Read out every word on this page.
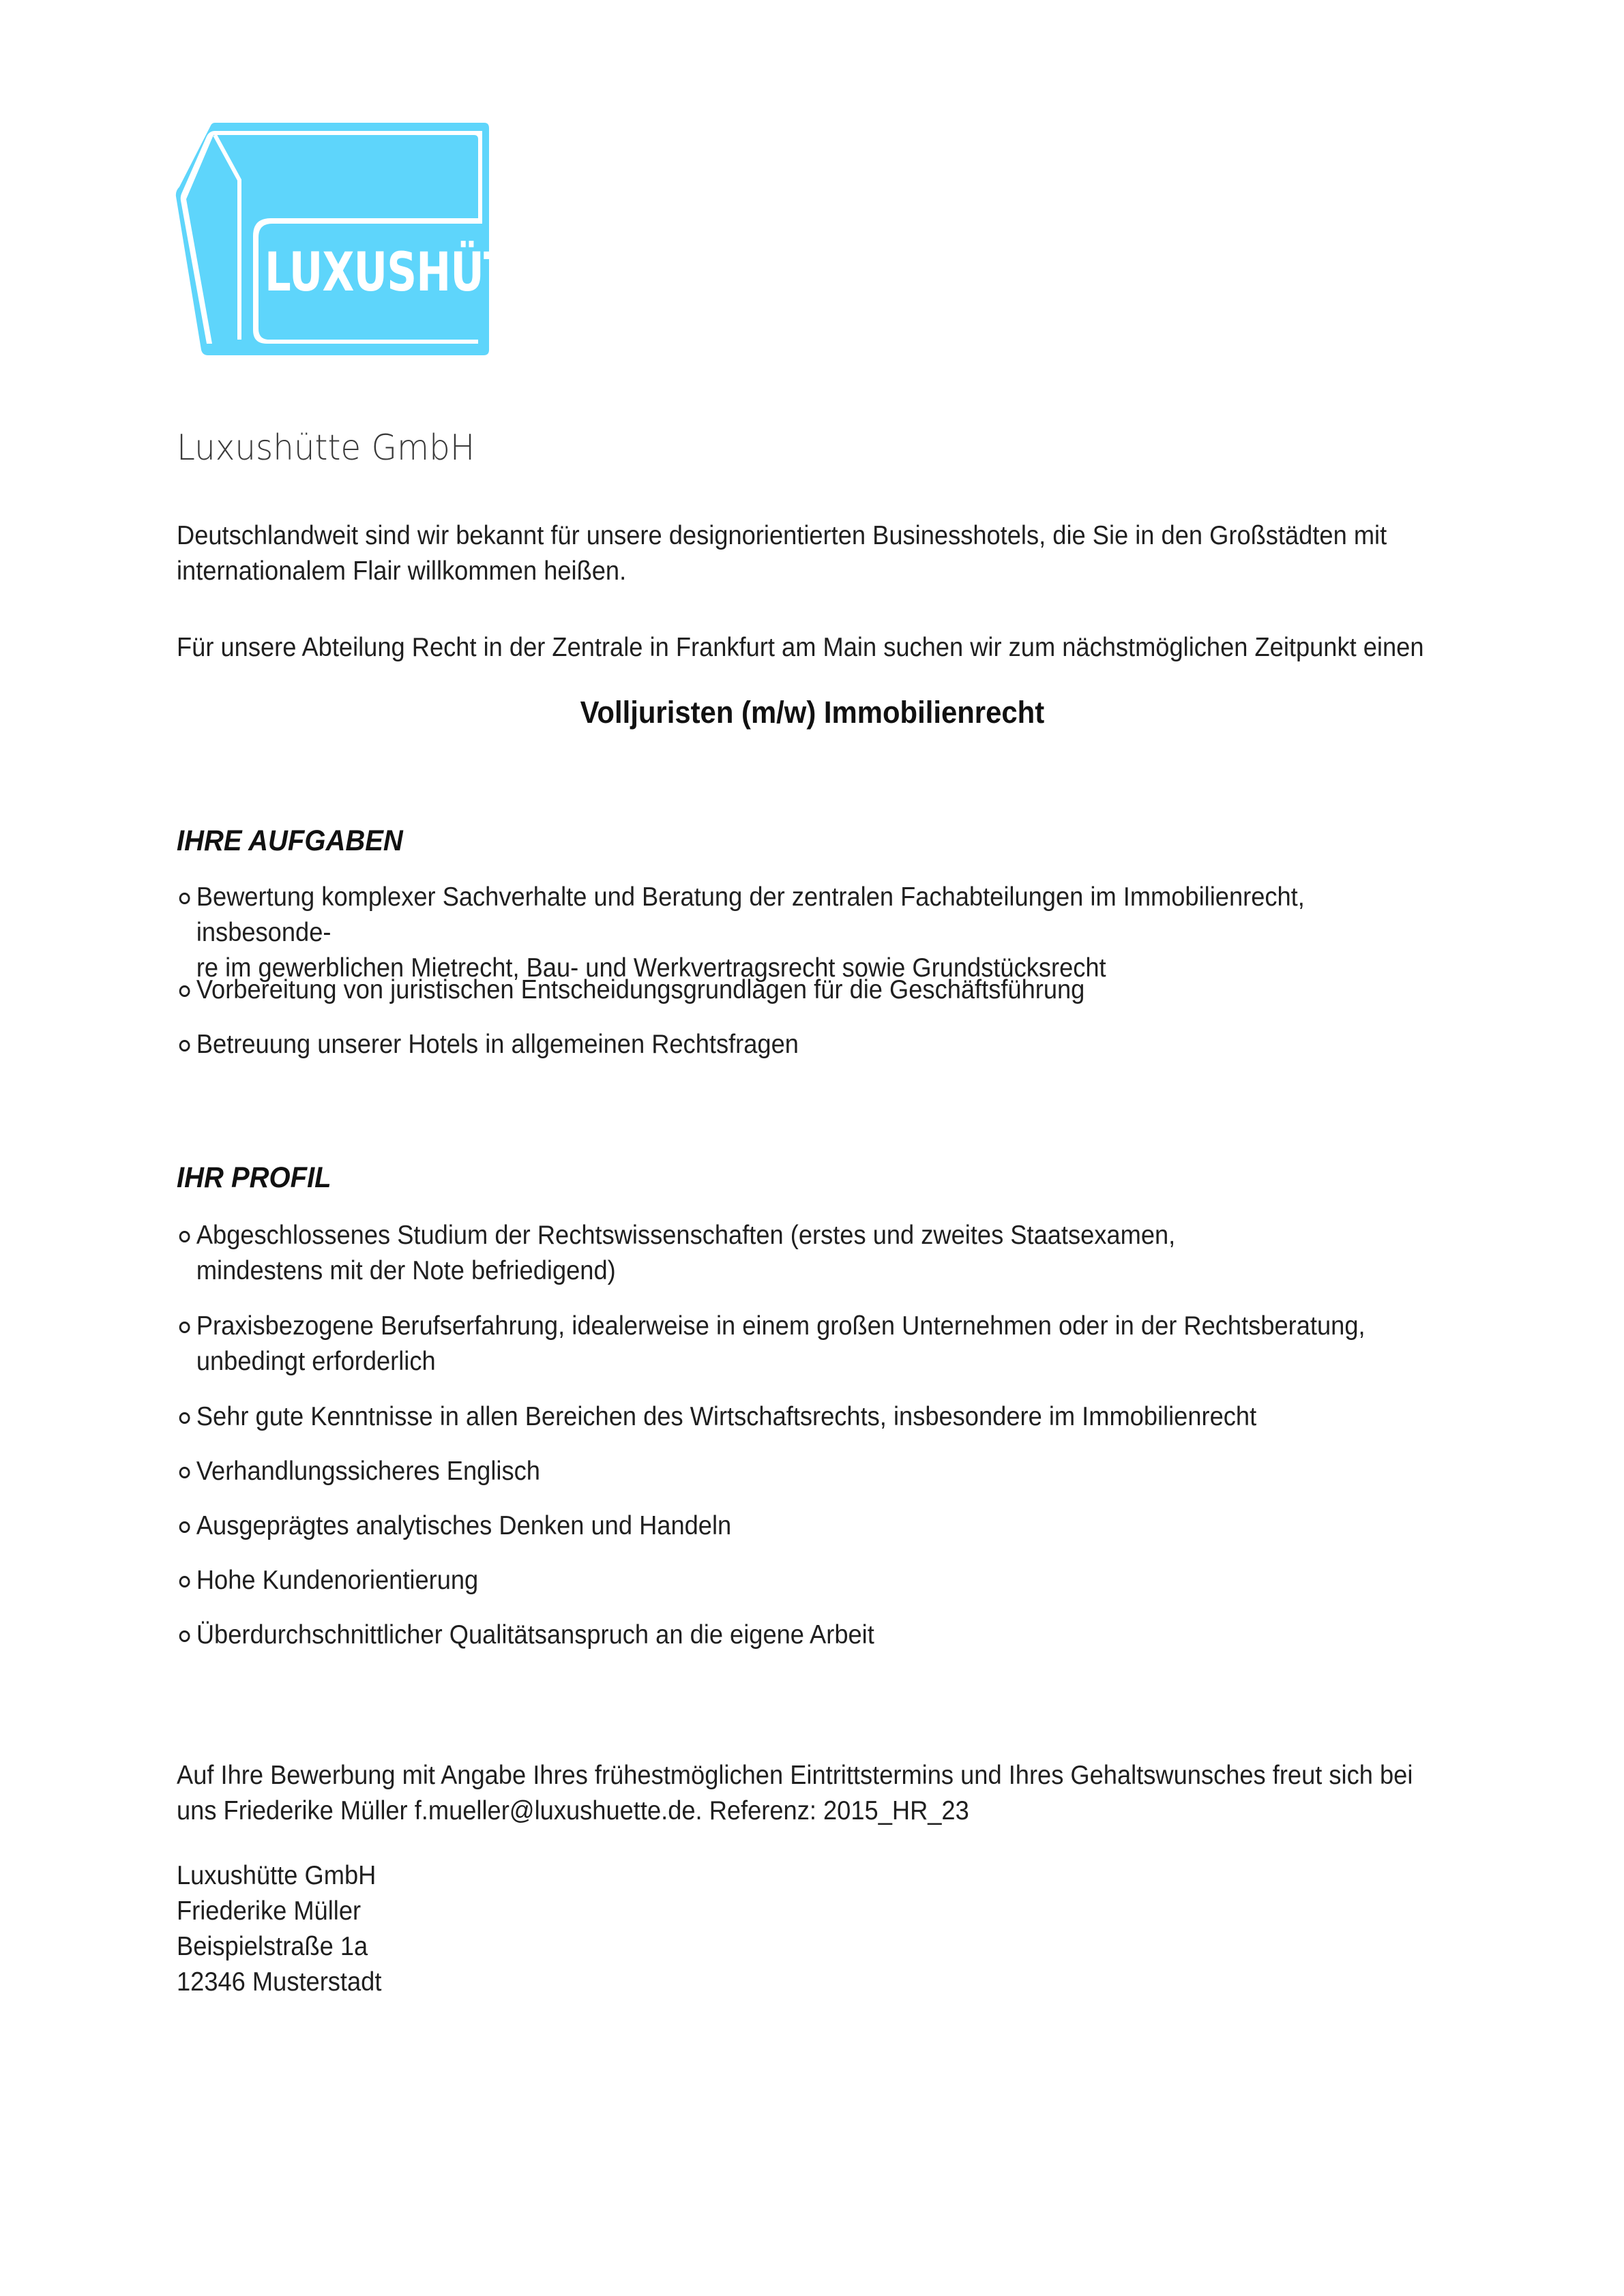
LUXUSHÜTTE
Luxushütte GmbH
Deutschlandweit sind wir bekannt für unsere designorientierten Businesshotels, die Sie in den Großstädten mit
internationalem Flair willkommen heißen.
Für unsere Abteilung Recht in der Zentrale in Frankfurt am Main suchen wir zum nächstmöglichen Zeitpunkt einen
Volljuristen (m/w) Immobilienrecht
IHRE AUFGABEN
Bewertung komplexer Sachverhalte und Beratung der zentralen Fachabteilungen im Immobilienrecht, insbesonde-
re im gewerblichen Mietrecht, Bau- und Werkvertragsrecht sowie Grundstücksrecht
Vorbereitung von juristischen Entscheidungsgrundlagen für die Geschäftsführung
Betreuung unserer Hotels in allgemeinen Rechtsfragen
IHR PROFIL
Abgeschlossenes Studium der Rechtswissenschaften (erstes und zweites Staatsexamen,
mindestens mit der Note befriedigend)
Praxisbezogene Berufserfahrung, idealerweise in einem großen Unternehmen oder in der Rechtsberatung,
unbedingt erforderlich
Sehr gute Kenntnisse in allen Bereichen des Wirtschaftsrechts, insbesondere im Immobilienrecht
Verhandlungssicheres Englisch
Ausgeprägtes analytisches Denken und Handeln
Hohe Kundenorientierung
Überdurchschnittlicher Qualitätsanspruch an die eigene Arbeit
Auf Ihre Bewerbung mit Angabe Ihres frühestmöglichen Eintrittstermins und Ihres Gehaltswunsches freut sich bei
uns Friederike Müller f.mueller@luxushuette.de. Referenz: 2015_HR_23
Luxushütte GmbH
Friederike Müller
Beispielstraße 1a
12346 Musterstadt
